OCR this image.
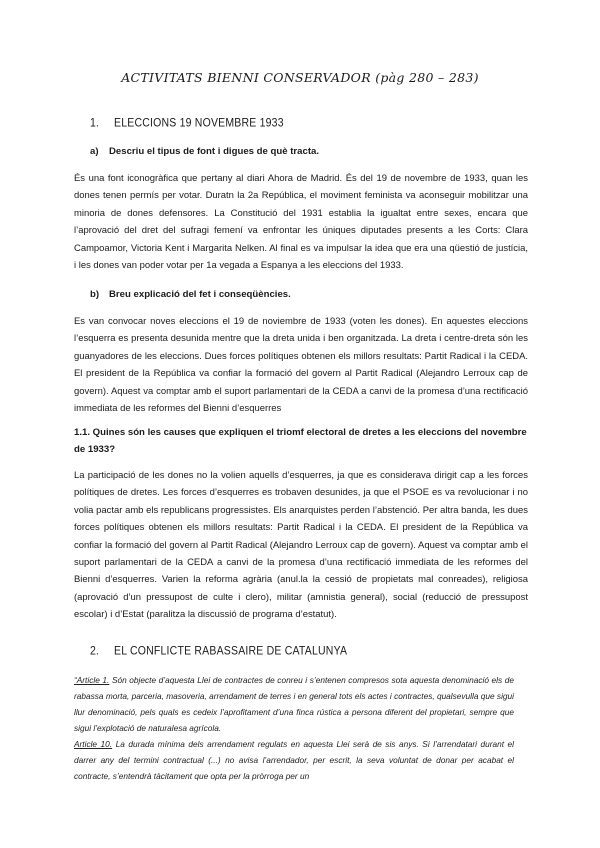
ACTIVITATS BIENNI CONSERVADOR (pàg 280 – 283)
1. ELECCIONS 19 NOVEMBRE 1933
a) Descriu el tipus de font i digues de què tracta.

És una font iconogràfica que pertany al diari Ahora de Madrid. És del 19 de novembre de 1933, quan les dones tenen permís per votar. Duratn la 2a República, el moviment feminista va aconseguir mobilitzar una minoria de dones defensores. La Constitució del 1931 establia la igualtat entre sexes, encara que l’aprovació del dret del sufragi femení va enfrontar les úniques diputades presents a les Corts: Clara Campoamor, Victoria Kent i Margarita Nelken. Al final es va impulsar la idea que era una qüestió de justícia, i les dones van poder votar per 1a vegada a Espanya a les eleccions del 1933.

b) Breu explicació del fet i conseqüències.

Es van convocar noves eleccions el 19 de noviembre de 1933 (voten les dones). En aquestes eleccions l’esquerra es presenta desunida mentre que la dreta unida i ben organitzada. La dreta i centre-dreta són les guanyadores de les eleccions. Dues forces polítiques obtenen els millors resultats: Partit Radical i la CEDA. El president de la República va confiar la formació del govern al Partit Radical (Alejandro Lerroux cap de govern). Aquest va comptar amb el suport parlamentari de la CEDA a canvi de la promesa d’una rectificació immediata de les reformes del Bienni d’esquerres

1.1. Quines són les causes que expliquen el triomf electoral de dretes a les eleccions del novembre de 1933?

La participació de les dones no la volien aquells d’esquerres, ja que es considerava dirigit cap a les forces polítiques de dretes. Les forces d’esquerres es trobaven desunides, ja que el PSOE es va revolucionar i no volia pactar amb els republicans progressistes. Els anarquistes perden l’abstenció. Per altra banda, les dues forces polítiques obtenen els millors resultats: Partit Radical i la CEDA. El president de la República va confiar la formació del govern al Partit Radical (Alejandro Lerroux cap de govern). Aquest va comptar amb el suport parlamentari de la CEDA a canvi de la promesa d’una rectificació immediata de les reformes del Bienni d’esquerres. Varien la reforma agrària (anul.la la cessió de propietats mal conreades), religiosa (aprovació d’un pressupost de culte i clero), militar (amnistia general), social (reducció de pressupost escolar) i d’Estat (paralitza la discussió de programa d’estatut).

2. EL CONFLICTE RABASSAIRE DE CATALUNYA

“Article 1. Són objecte d’aquesta Llei de contractes de conreu i s’entenen compresos sota aquesta denominació els de rabassa morta, parceria, masoveria, arrendament de terres i en general tots els actes i contractes, qualsevulla que sigui llur denominació, pels quals es cedeix l’aprofitament d’una finca rústica a persona diferent del propietari, sempre que sigui l’explotació de naturalesa agrícola.

Article 10. La durada mínima dels arrendament regulats en aquesta Llei serà de sis anys. Si l’arrendatari durant el darrer any del termini contractual (...) no avisa l’arrendador, per escrit, la seva voluntat de donar per acabat el contracte, s’entendrà tàcitament que opta per la pròrroga per un
